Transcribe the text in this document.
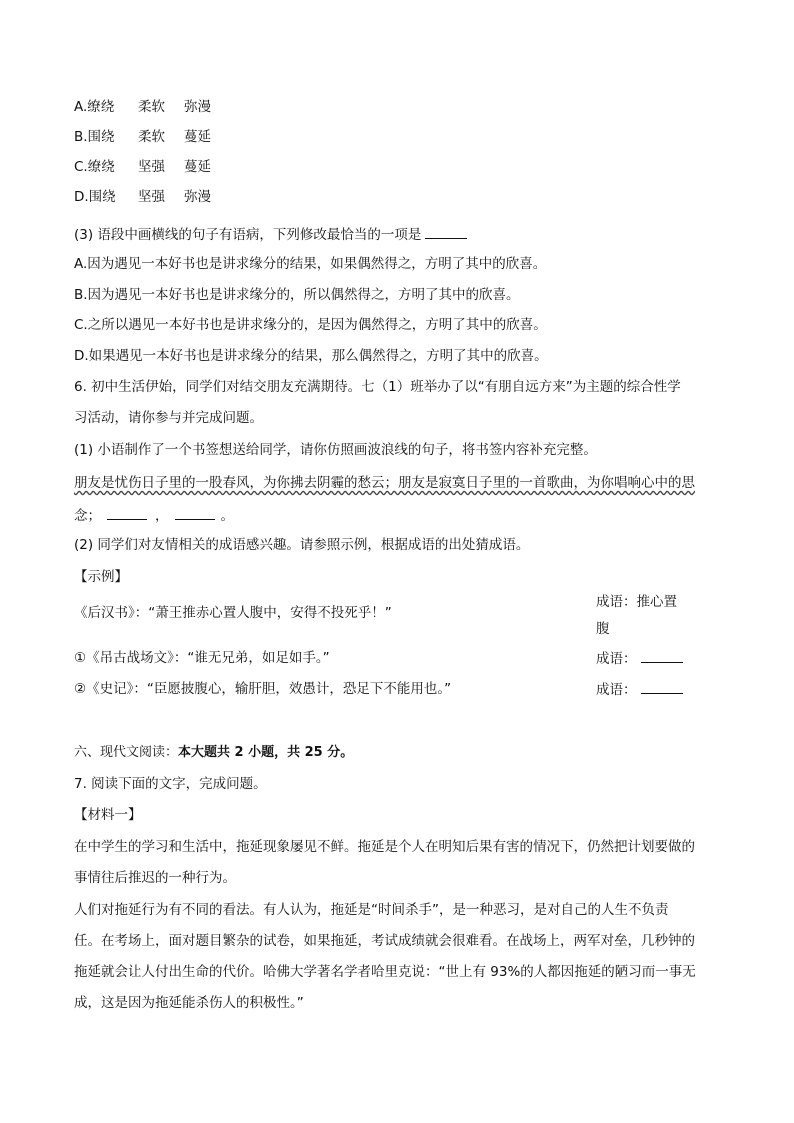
A.缭绕 柔软 弥漫
B.围绕 柔软 蔓延
C.缭绕 坚强 蔓延
D.围绕 坚强 弥漫
(3) 语段中画横线的句子有语病，下列修改最恰当的一项是
A.因为遇见一本好书也是讲求缘分的结果，如果偶然得之，方明了其中的欣喜。
B.因为遇见一本好书也是讲求缘分的，所以偶然得之，方明了其中的欣喜。
C.之所以遇见一本好书也是讲求缘分的，是因为偶然得之，方明了其中的欣喜。
D.如果遇见一本好书也是讲求缘分的结果，那么偶然得之，方明了其中的欣喜。
6. 初中生活伊始，同学们对结交朋友充满期待。七（1）班举办了以“有朋自远方来”为主题的综合性学
习活动，请你参与并完成问题。
(1) 小语制作了一个书签想送给同学，请你仿照画波浪线的句子，将书签内容补充完整。
朋友是忧伤日子里的一股春风，为你拂去阴霾的愁云；朋友是寂寞日子里的一首歌曲，为你唱响心中的思
念；	，	。
(2) 同学们对友情相关的成语感兴趣。请参照示例，根据成语的出处猜成语。
【示例】
《后汉书》：“萧王推赤心置人腹中，安得不投死乎！”
成语：推心置
腹
①《吊古战场文》：“谁无兄弟，如足如手。”	成语：
②《史记》：“臣愿披腹心，输肝胆，效愚计，恐足下不能用也。”	成语：
六、现代文阅读：本大题共 2 小题，共 25 分。
7. 阅读下面的文字，完成问题。
【材料一】
在中学生的学习和生活中，拖延现象屡见不鲜。拖延是个人在明知后果有害的情况下，仍然把计划要做的
事情往后推迟的一种行为。
人们对拖延行为有不同的看法。有人认为，拖延是“时间杀手”，是一种恶习，是对自己的人生不负责
任。在考场上，面对题目繁杂的试卷，如果拖延，考试成绩就会很难看。在战场上，两军对垒，几秒钟的
拖延就会让人付出生命的代价。哈佛大学著名学者哈里克说：“世上有 93%的人都因拖延的陋习而一事无
成，这是因为拖延能杀伤人的积极性。”
